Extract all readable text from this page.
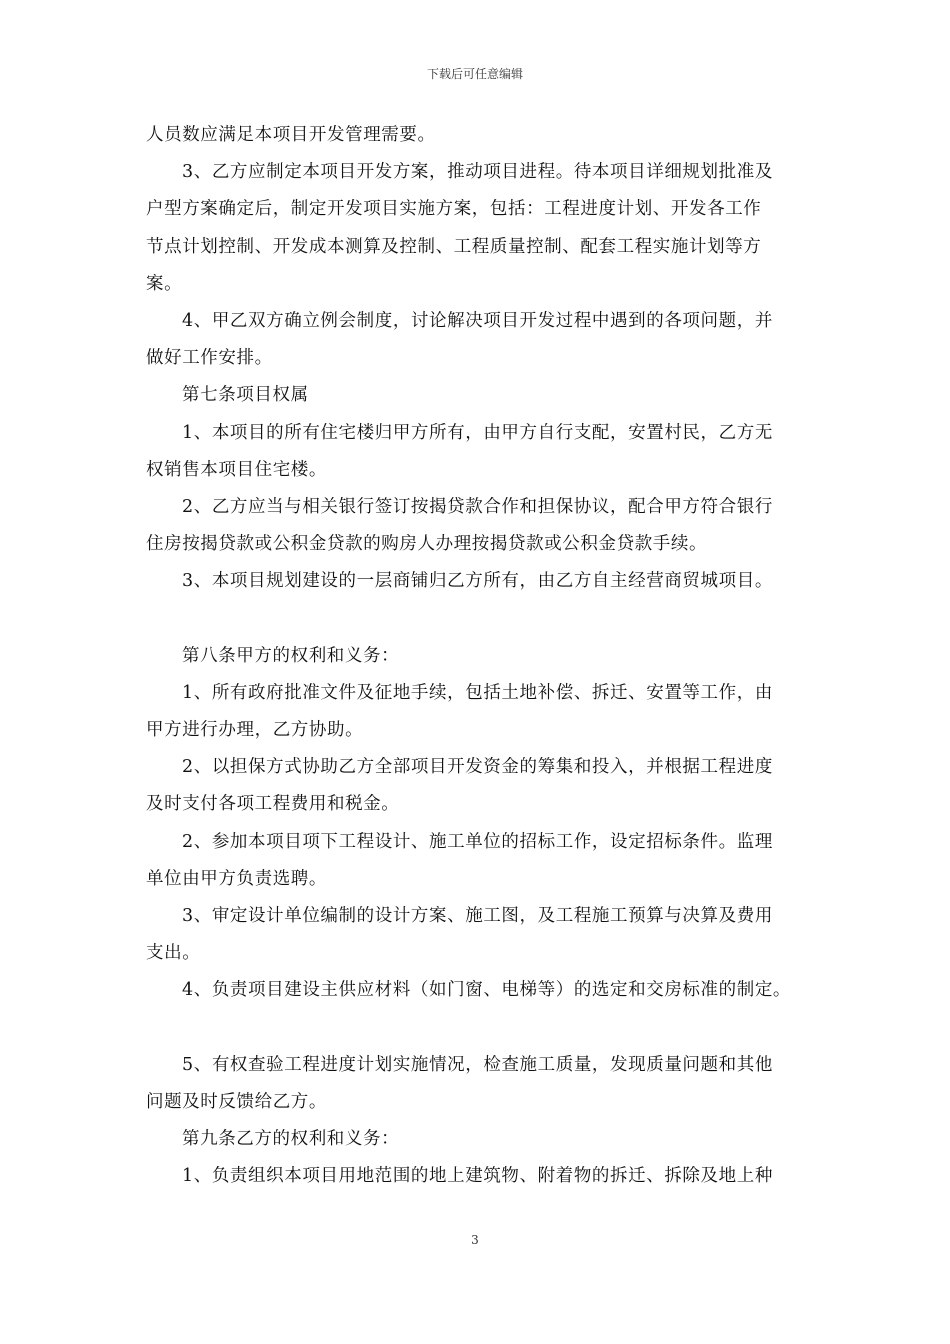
下载后可任意编辑
人员数应满足本项目开发管理需要。
3、乙方应制定本项目开发方案，推动项目进程。待本项目详细规划批准及
户型方案确定后，制定开发项目实施方案，包括：工程进度计划、开发各工作
节点计划控制、开发成本测算及控制、工程质量控制、配套工程实施计划等方
案。
4、甲乙双方确立例会制度，讨论解决项目开发过程中遇到的各项问题，并
做好工作安排。
第七条项目权属
1、本项目的所有住宅楼归甲方所有，由甲方自行支配，安置村民，乙方无
权销售本项目住宅楼。
2、乙方应当与相关银行签订按揭贷款合作和担保协议，配合甲方符合银行
住房按揭贷款或公积金贷款的购房人办理按揭贷款或公积金贷款手续。
3、本项目规划建设的一层商铺归乙方所有，由乙方自主经营商贸城项目。
第八条甲方的权利和义务：
1、所有政府批准文件及征地手续，包括土地补偿、拆迁、安置等工作，由
甲方进行办理，乙方协助。
2、以担保方式协助乙方全部项目开发资金的筹集和投入，并根据工程进度
及时支付各项工程费用和税金。
2、参加本项目项下工程设计、施工单位的招标工作，设定招标条件。监理
单位由甲方负责选聘。
3、审定设计单位编制的设计方案、施工图，及工程施工预算与决算及费用
支出。
4、负责项目建设主供应材料（如门窗、电梯等）的选定和交房标准的制定。
5、有权查验工程进度计划实施情况，检查施工质量，发现质量问题和其他
问题及时反馈给乙方。
第九条乙方的权利和义务：
1、负责组织本项目用地范围的地上建筑物、附着物的拆迁、拆除及地上种
3
